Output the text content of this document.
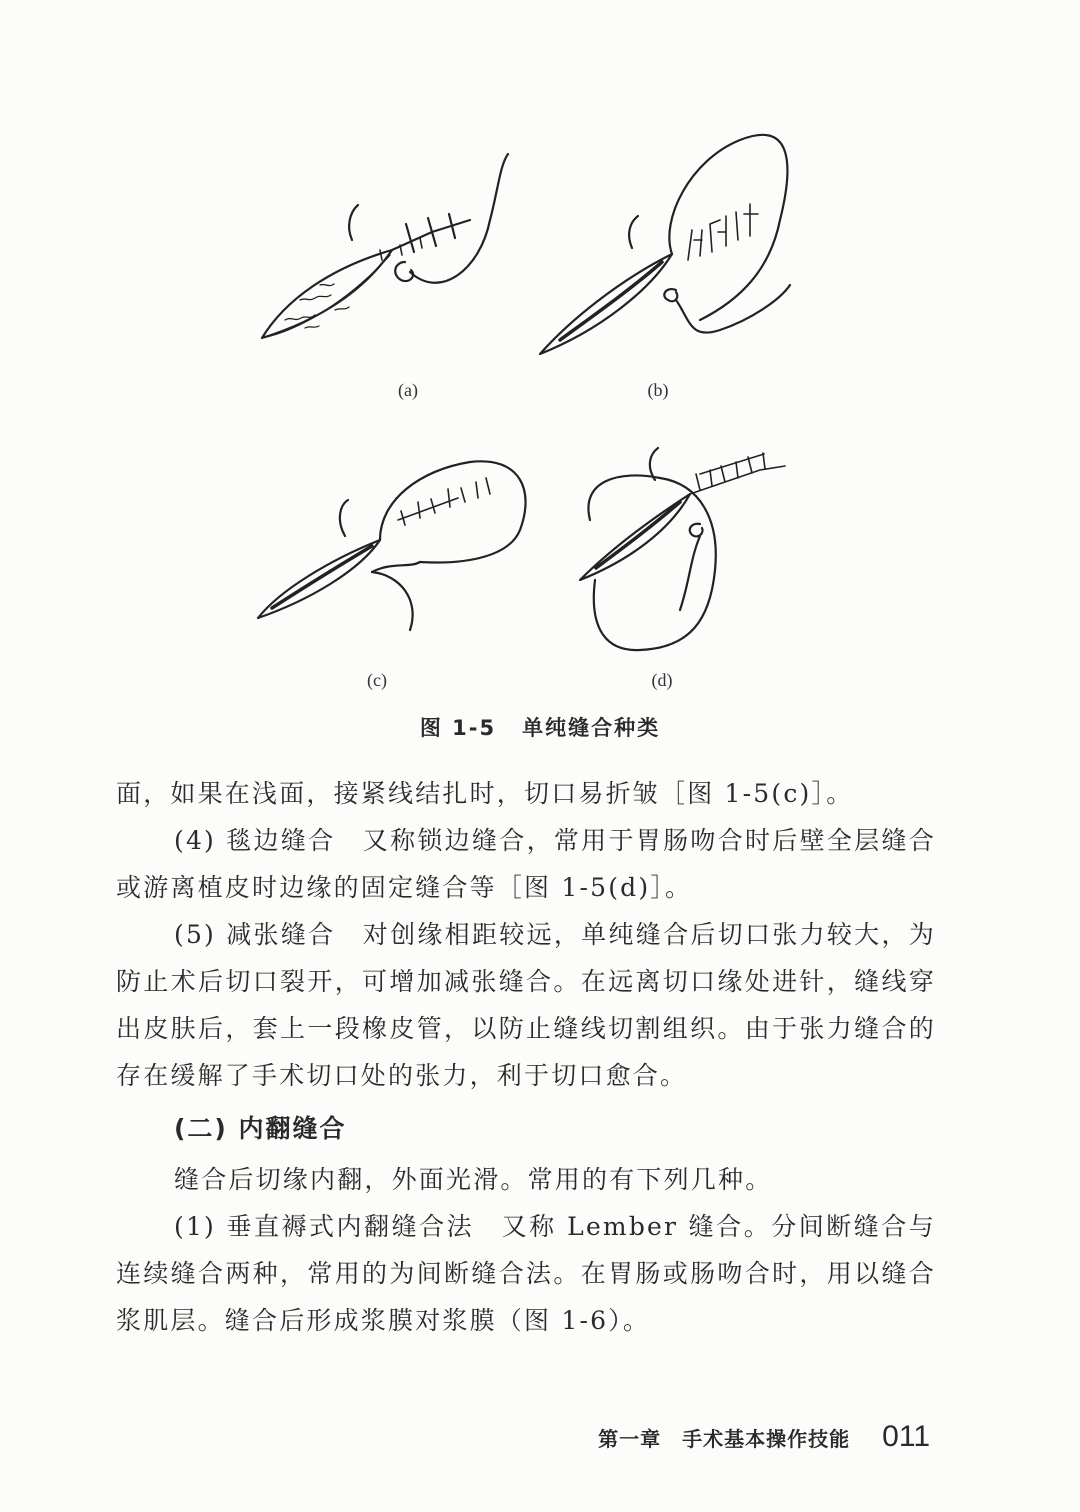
(a)	(b)
(c)	(d)
图 1-5 单纯缝合种类

面，如果在浅面，接紧线结扎时，切口易折皱［图 1-5(c)］。

(4) 毯边缝合　又称锁边缝合，常用于胃肠吻合时后壁全层缝合或游离植皮时边缘的固定缝合等［图 1-5(d)］。

(5) 减张缝合　对创缘相距较远，单纯缝合后切口张力较大，为防止术后切口裂开，可增加减张缝合。在远离切口缘处进针，缝线穿出皮肤后，套上一段橡皮管，以防止缝线切割组织。由于张力缝合的存在缓解了手术切口处的张力，利于切口愈合。

(二) 内翻缝合

缝合后切缘内翻，外面光滑。常用的有下列几种。

(1) 垂直褥式内翻缝合法　又称 Lember 缝合。分间断缝合与连续缝合两种，常用的为间断缝合法。在胃肠或肠吻合时，用以缝合浆肌层。缝合后形成浆膜对浆膜（图 1-6）。

第一章　手术基本操作技能 011
